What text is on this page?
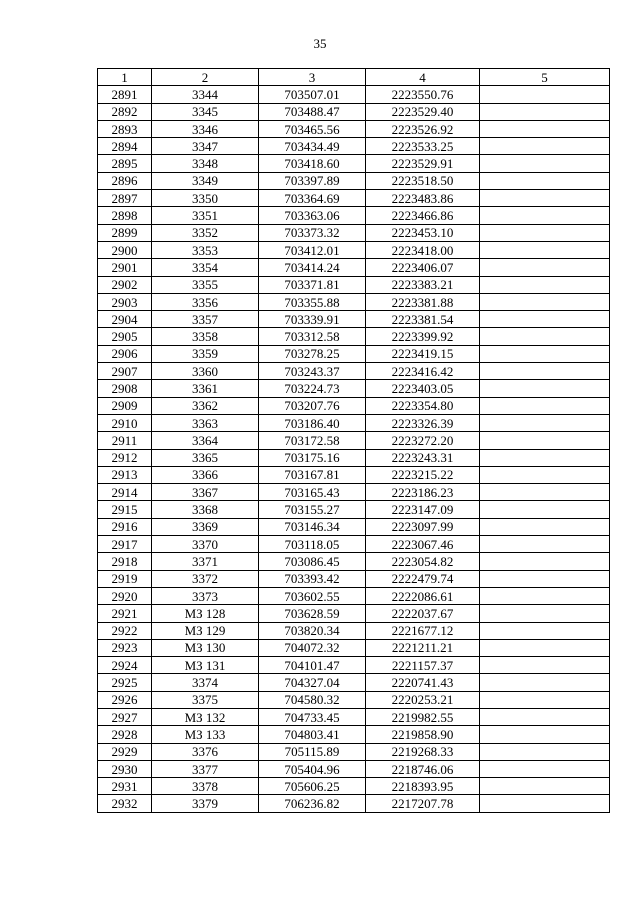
35
1	2	3	4	5
2891	3344	703507.01	2223550.76	
2892	3345	703488.47	2223529.40	
2893	3346	703465.56	2223526.92	
2894	3347	703434.49	2223533.25	
2895	3348	703418.60	2223529.91	
2896	3349	703397.89	2223518.50	
2897	3350	703364.69	2223483.86	
2898	3351	703363.06	2223466.86	
2899	3352	703373.32	2223453.10	
2900	3353	703412.01	2223418.00	
2901	3354	703414.24	2223406.07	
2902	3355	703371.81	2223383.21	
2903	3356	703355.88	2223381.88	
2904	3357	703339.91	2223381.54	
2905	3358	703312.58	2223399.92	
2906	3359	703278.25	2223419.15	
2907	3360	703243.37	2223416.42	
2908	3361	703224.73	2223403.05	
2909	3362	703207.76	2223354.80	
2910	3363	703186.40	2223326.39	
2911	3364	703172.58	2223272.20	
2912	3365	703175.16	2223243.31	
2913	3366	703167.81	2223215.22	
2914	3367	703165.43	2223186.23	
2915	3368	703155.27	2223147.09	
2916	3369	703146.34	2223097.99	
2917	3370	703118.05	2223067.46	
2918	3371	703086.45	2223054.82	
2919	3372	703393.42	2222479.74	
2920	3373	703602.55	2222086.61	
2921	МЗ 128	703628.59	2222037.67	
2922	МЗ 129	703820.34	2221677.12	
2923	МЗ 130	704072.32	2221211.21	
2924	МЗ 131	704101.47	2221157.37	
2925	3374	704327.04	2220741.43	
2926	3375	704580.32	2220253.21	
2927	МЗ 132	704733.45	2219982.55	
2928	МЗ 133	704803.41	2219858.90	
2929	3376	705115.89	2219268.33	
2930	3377	705404.96	2218746.06	
2931	3378	705606.25	2218393.95	
2932	3379	706236.82	2217207.78	
